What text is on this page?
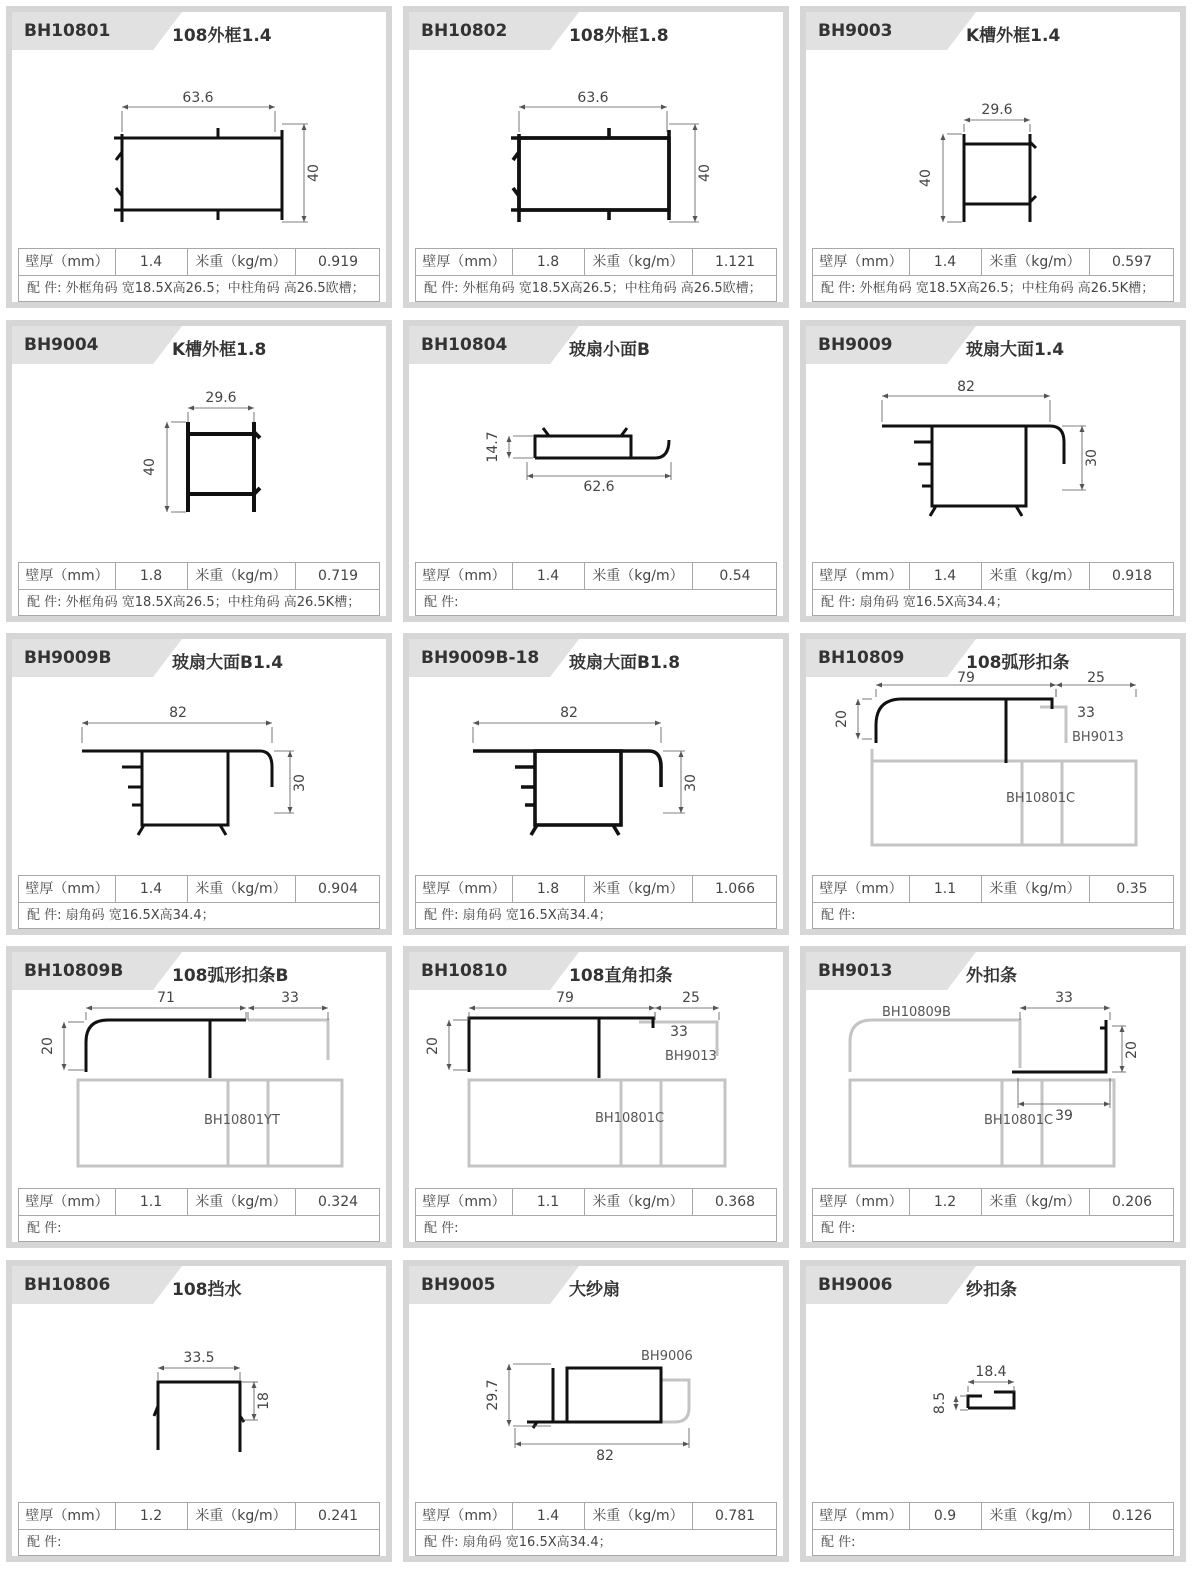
BH10801	108外框1.4
63.6
40
壁厚（mm）	1.4	米重（kg/m）	0.919
配 件: 外框角码 宽18.5X高26.5；中柱角码 高26.5欧槽；
BH10802	108外框1.8
63.6
40
壁厚（mm）	1.8	米重（kg/m）	1.121
配 件: 外框角码 宽18.5X高26.5；中柱角码 高26.5欧槽；
BH9003	K槽外框1.4
29.6
40
壁厚（mm）	1.4	米重（kg/m）	0.597
配 件: 外框角码 宽18.5X高26.5；中柱角码 高26.5K槽；
BH9004	K槽外框1.8
29.6
40
壁厚（mm）	1.8	米重（kg/m）	0.719
配 件: 外框角码 宽18.5X高26.5；中柱角码 高26.5K槽；
BH10804	玻扇小面B
14.7
62.6
壁厚（mm）	1.4	米重（kg/m）	0.54
配 件:
BH9009	玻扇大面1.4
82
30
壁厚（mm）	1.4	米重（kg/m）	0.918
配 件: 扇角码 宽16.5X高34.4；
BH9009B	玻扇大面B1.4
82
30
壁厚（mm）	1.4	米重（kg/m）	0.904
配 件: 扇角码 宽16.5X高34.4；
BH9009B-18 玻扇大面B1.8
82
30
壁厚（mm）	1.8	米重（kg/m）	1.066
配 件: 扇角码 宽16.5X高34.4；
BH10809	108弧形扣条
79	25
20	33
BH9013
BH10801C
壁厚（mm）	1.1	米重（kg/m）	0.35
配 件:
BH10809B	108弧形扣条B
71	33
20
BH10801YT
壁厚（mm）	1.1	米重（kg/m）	0.324
配 件:
BH10810	108直角扣条
79	25
20
33
BH9013
BH10801C
壁厚（mm）	1.1	米重（kg/m）	0.368
配 件:
BH9013	外扣条
33
20
39
BH10809B
BH10801C
壁厚（mm）	1.2	米重（kg/m）	0.206
配 件:
BH10806	108挡水
33.5
18
壁厚（mm）	1.2	米重（kg/m）	0.241
配 件:
BH9005	大纱扇
29.7
82
BH9006
壁厚（mm）	1.4	米重（kg/m）	0.781
配 件: 扇角码 宽16.5X高34.4；
BH9006	纱扣条
18.4
8.5
壁厚（mm）	0.9	米重（kg/m）	0.126
配 件:
